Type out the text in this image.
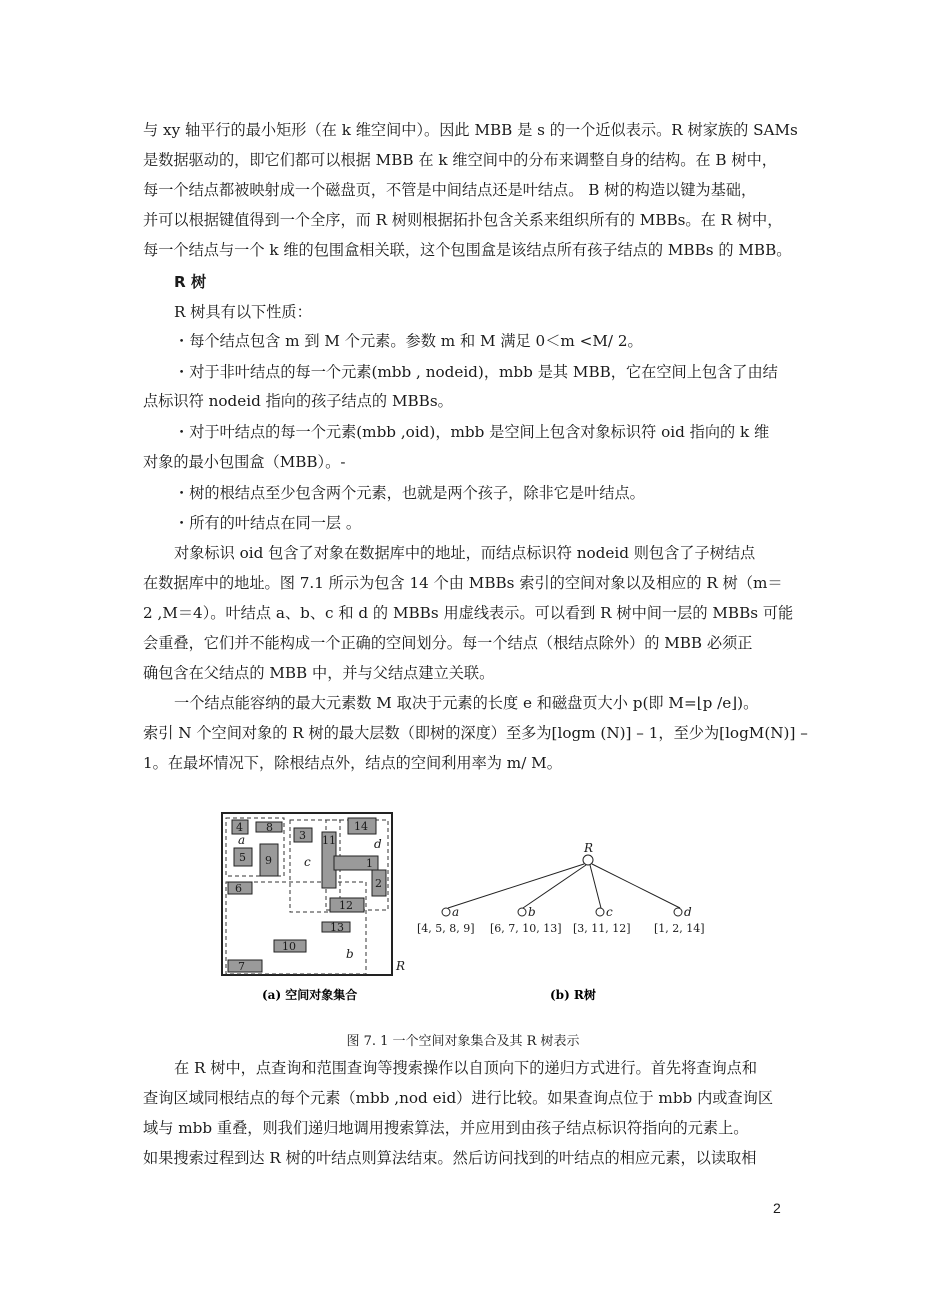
与 xy 轴平行的最小矩形（在 k 维空间中）。因此 MBB 是 s 的一个近似表示。R 树家族的 SAMs
是数据驱动的，即它们都可以根据 MBB 在 k 维空间中的分布来调整自身的结构。在 B 树中，
每一个结点都被映射成一个磁盘页，不管是中间结点还是叶结点。 B 树的构造以键为基础，
并可以根据键值得到一个全序，而 R 树则根据拓扑包含关系来组织所有的 MBBs。在 R 树中，
每一个结点与一个 k 维的包围盒相关联，这个包围盒是该结点所有孩子结点的 MBBs 的 MBB。
R 树
R 树具有以下性质：
・每个结点包含 m 到 M 个元素。参数 m 和 M 满足 0＜m <M/ 2。
・对于非叶结点的每一个元素(mbb , nodeid)，mbb 是其 MBB，它在空间上包含了由结
点标识符 nodeid 指向的孩子结点的 MBBs。
・对于叶结点的每一个元素(mbb ,oid)，mbb 是空间上包含对象标识符 oid 指向的 k 维
对象的最小包围盒（MBB）。-
・树的根结点至少包含两个元素，也就是两个孩子，除非它是叶结点。
・所有的叶结点在同一层 。
对象标识 oid 包含了对象在数据库中的地址，而结点标识符 nodeid 则包含了子树结点
在数据库中的地址。图 7.1 所示为包含 14 个由 MBBs 索引的空间对象以及相应的 R 树（m＝
2 ,M＝4）。叶结点 a、b、c 和 d 的 MBBs 用虚线表示。可以看到 R 树中间一层的 MBBs 可能
会重叠，它们并不能构成一个正确的空间划分。每一个结点（根结点除外）的 MBB 必须正
确包含在父结点的 MBB 中，并与父结点建立关联。
一个结点能容纳的最大元素数 M 取决于元素的长度 e 和磁盘页大小 p(即 M=⌊p /e⌋)。
索引 N 个空间对象的 R 树的最大层数（即树的深度）至多为[logm (N)] – 1，至少为[logM(N)] –
1。在最坏情况下，除根结点外，结点的空间利用率为 m/ M。
4 8
5 9
3 11
14
6	2
12
13
10
7
1
a
c
d
b
R
(a) 空间对象集合
R
a	b	c	d
[4, 5, 8, 9] [6, 7, 10, 13] [3, 11, 12] [1, 2, 14]
(b) R树
图 7. 1 一个空间对象集合及其 R 树表示
在 R 树中，点查询和范围查询等搜索操作以自顶向下的递归方式进行。首先将查询点和
查询区域同根结点的每个元素（mbb ,nod eid）进行比较。如果查询点位于 mbb 内或查询区
域与 mbb 重叠，则我们递归地调用搜索算法，并应用到由孩子结点标识符指向的元素上。
如果搜索过程到达 R 树的叶结点则算法结束。然后访问找到的叶结点的相应元素，以读取相
2
